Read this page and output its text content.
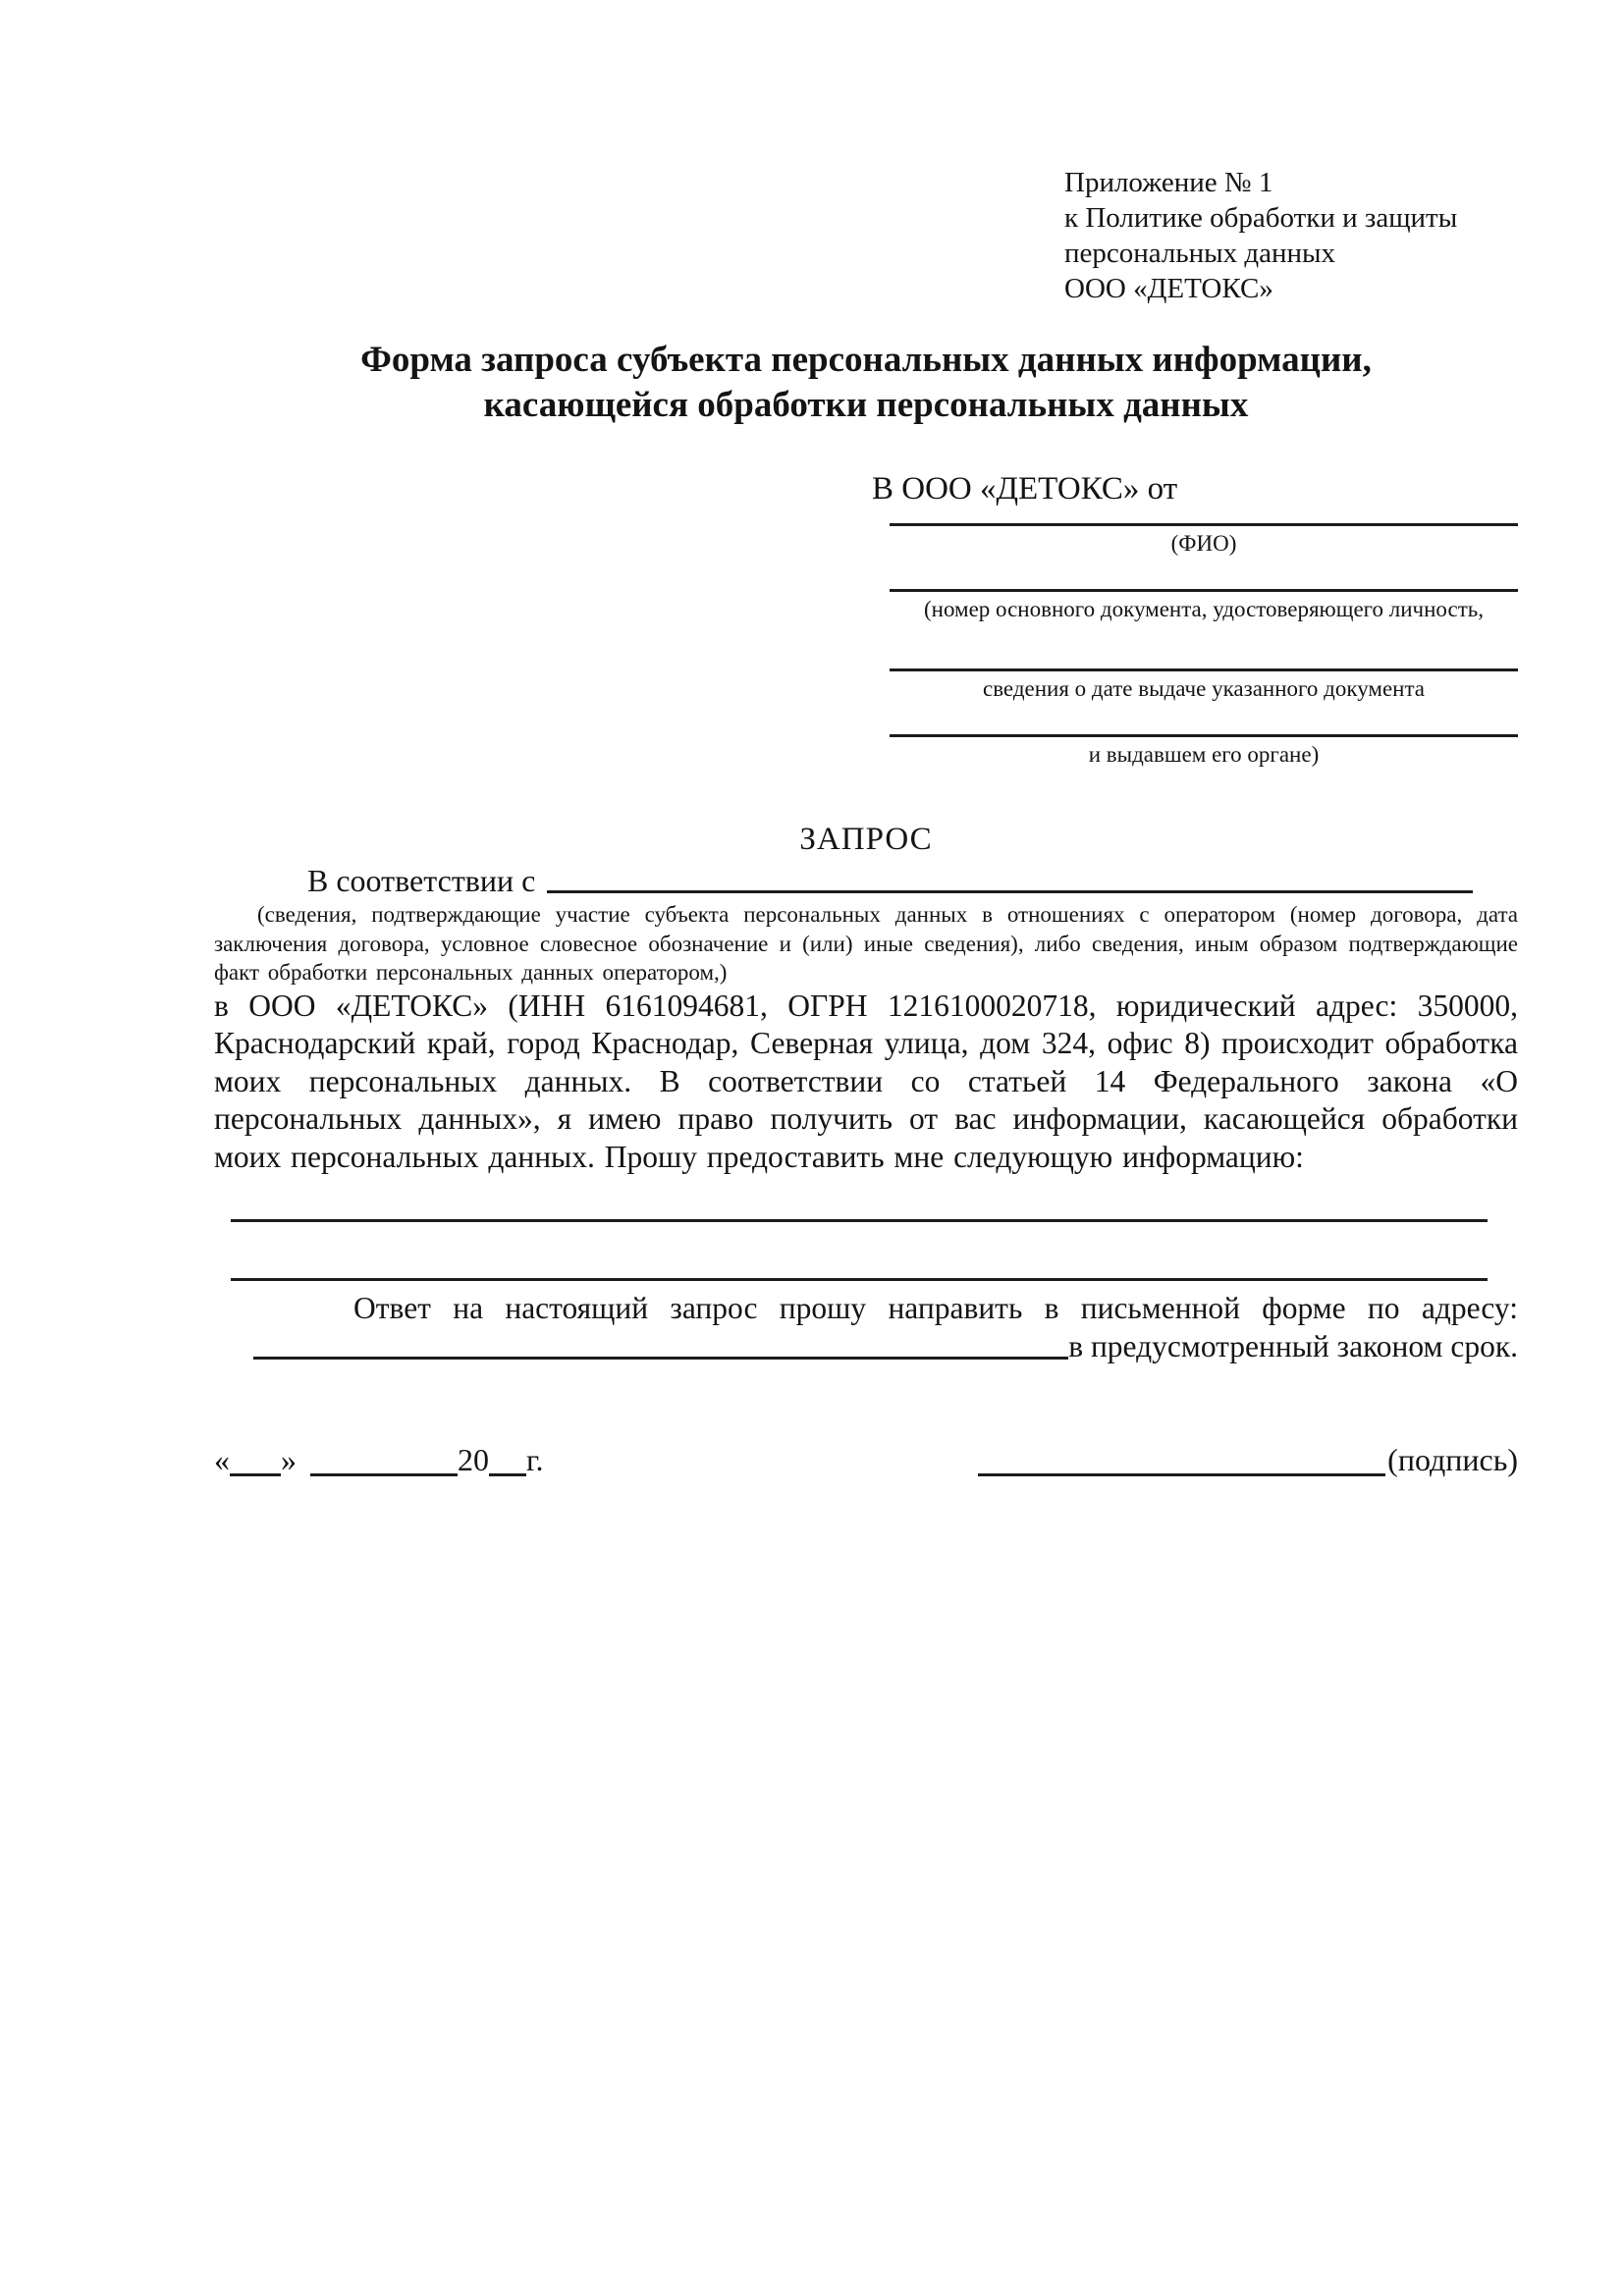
Приложение № 1
к Политике обработки и защиты
персональных данных
ООО «ДЕТОКС»
Форма запроса субъекта персональных данных информации,
касающейся обработки персональных данных
В ООО «ДЕТОКС» от
(ФИО)
(номер основного документа, удостоверяющего личность,
сведения о дате выдаче указанного документа
и выдавшем его органе)
ЗАПРОС
В соответствии с
(сведения, подтверждающие участие субъекта персональных данных в отношениях с оператором (номер договора, дата заключения договора, условное словесное обозначение и (или) иные сведения), либо сведения, иным образом подтверждающие факт обработки персональных данных оператором,)
в ООО «ДЕТОКС» (ИНН 6161094681, ОГРН 1216100020718, юридический адрес: 350000, Краснодарский край, город Краснодар, Северная улица, дом 324, офис 8) происходит обработка моих персональных данных. В соответствии со статьей 14 Федерального закона «О персональных данных», я имею право получить от вас информации, касающейся обработки моих персональных данных. Прошу предоставить мне следующую информацию:
Ответ на настоящий запрос прошу направить в письменной форме по адресу:
в предусмотренный законом срок.
« »	20 г.	(подпись)
